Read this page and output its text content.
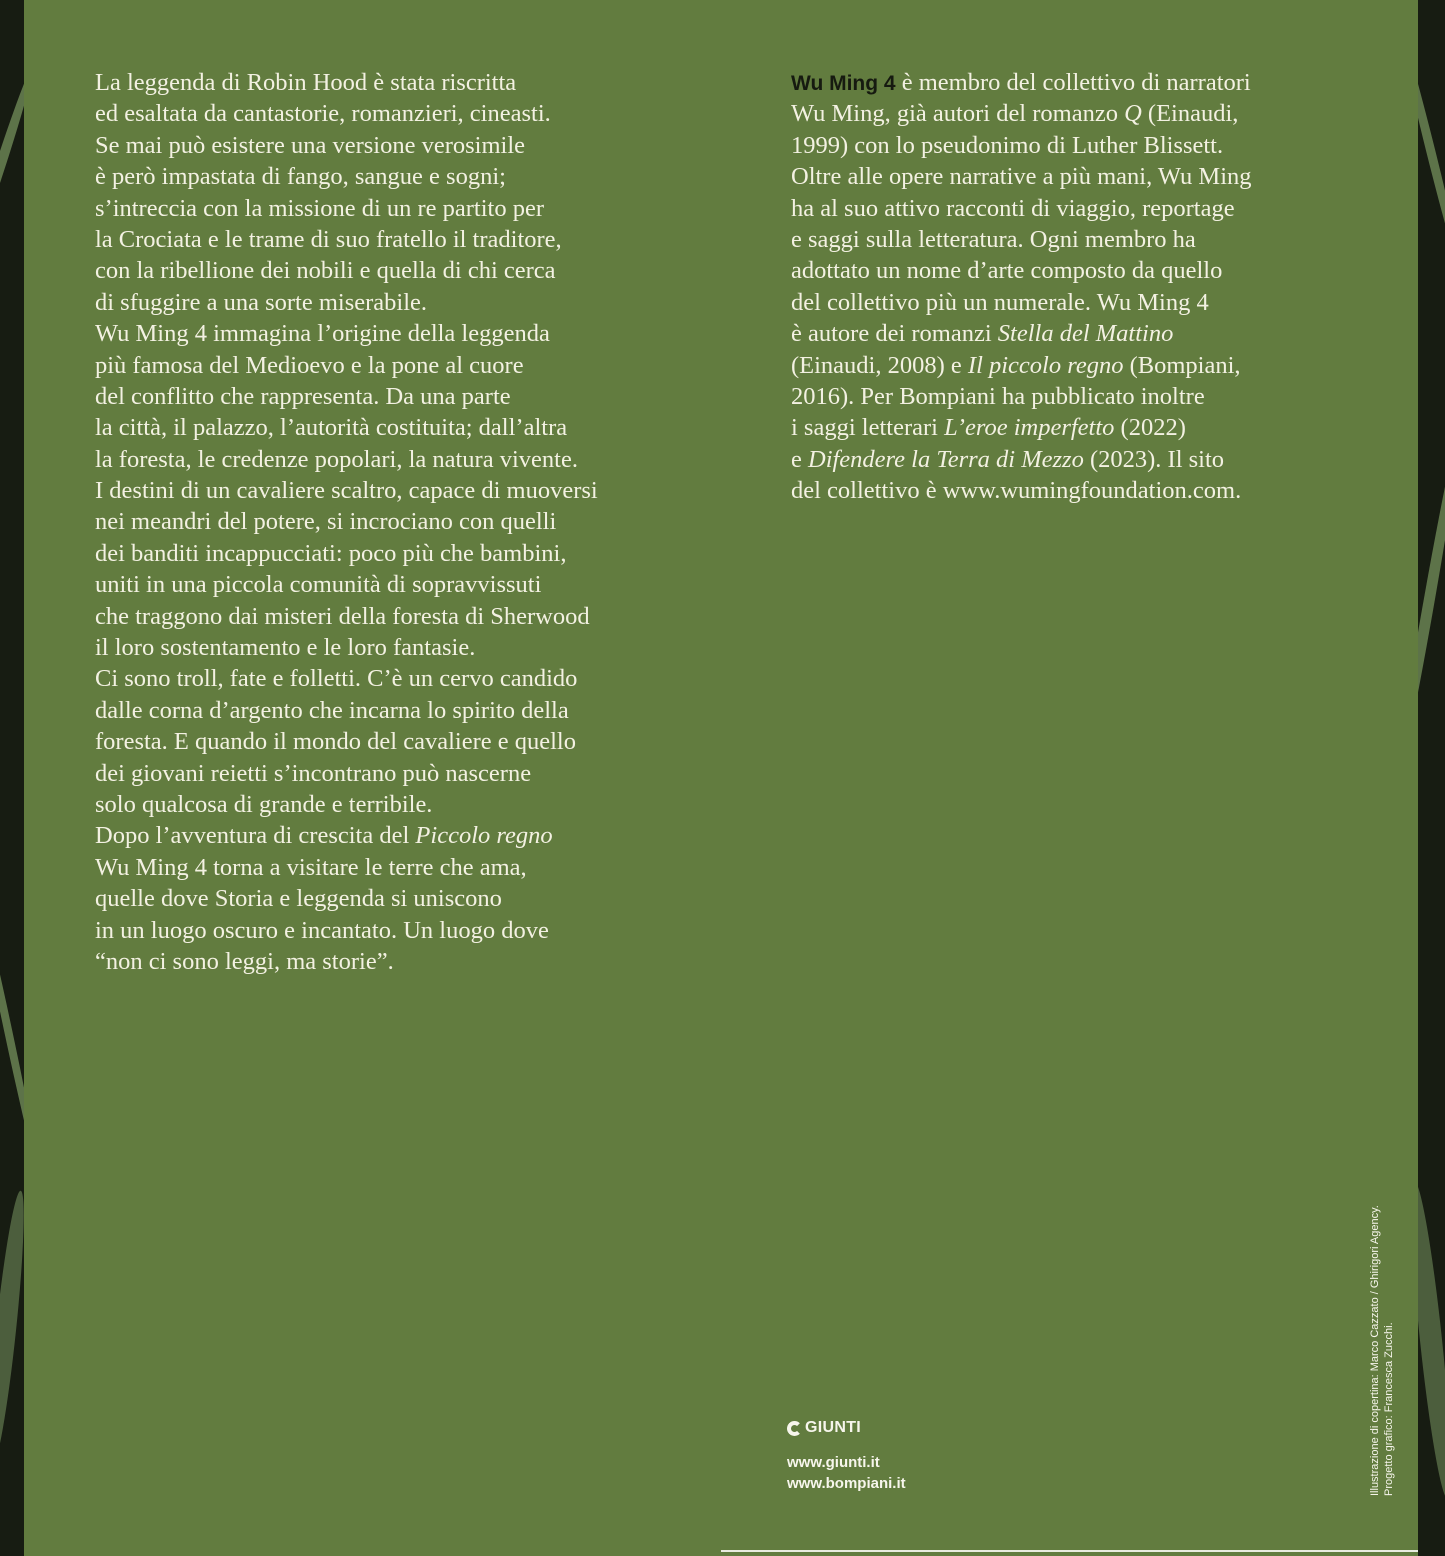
La leggenda di Robin Hood è stata riscritta
ed esaltata da cantastorie, romanzieri, cineasti.
Se mai può esistere una versione verosimile
è però impastata di fango, sangue e sogni;
s’intreccia con la missione di un re partito per
la Crociata e le trame di suo fratello il traditore,
con la ribellione dei nobili e quella di chi cerca
di sfuggire a una sorte miserabile.
Wu Ming 4 immagina l’origine della leggenda
più famosa del Medioevo e la pone al cuore
del conflitto che rappresenta. Da una parte
la città, il palazzo, l’autorità costituita; dall’altra
la foresta, le credenze popolari, la natura vivente.
I destini di un cavaliere scaltro, capace di muoversi
nei meandri del potere, si incrociano con quelli
dei banditi incappucciati: poco più che bambini,
uniti in una piccola comunità di sopravvissuti
che traggono dai misteri della foresta di Sherwood
il loro sostentamento e le loro fantasie.
Ci sono troll, fate e folletti. C’è un cervo candido
dalle corna d’argento che incarna lo spirito della
foresta. E quando il mondo del cavaliere e quello
dei giovani reietti s’incontrano può nascerne
solo qualcosa di grande e terribile.
Dopo l’avventura di crescita del Piccolo regno
Wu Ming 4 torna a visitare le terre che ama,
quelle dove Storia e leggenda si uniscono
in un luogo oscuro e incantato. Un luogo dove
“non ci sono leggi, ma storie”.
Wu Ming 4 è membro del collettivo di narratori
Wu Ming, già autori del romanzo Q (Einaudi,
1999) con lo pseudonimo di Luther Blissett.
Oltre alle opere narrative a più mani, Wu Ming
ha al suo attivo racconti di viaggio, reportage
e saggi sulla letteratura. Ogni membro ha
adottato un nome d’arte composto da quello
del collettivo più un numerale. Wu Ming 4
è autore dei romanzi Stella del Mattino
(Einaudi, 2008) e Il piccolo regno (Bompiani,
2016). Per Bompiani ha pubblicato inoltre
i saggi letterari L’eroe imperfetto (2022)
e Difendere la Terra di Mezzo (2023). Il sito
del collettivo è www.wumingfoundation.com.
GIUNTI
www.giunti.it
www.bompiani.it	Illustrazione di copertina: Marco Cazzato / Ghirigori Agency. Progetto grafico: Francesca Zucchi.
